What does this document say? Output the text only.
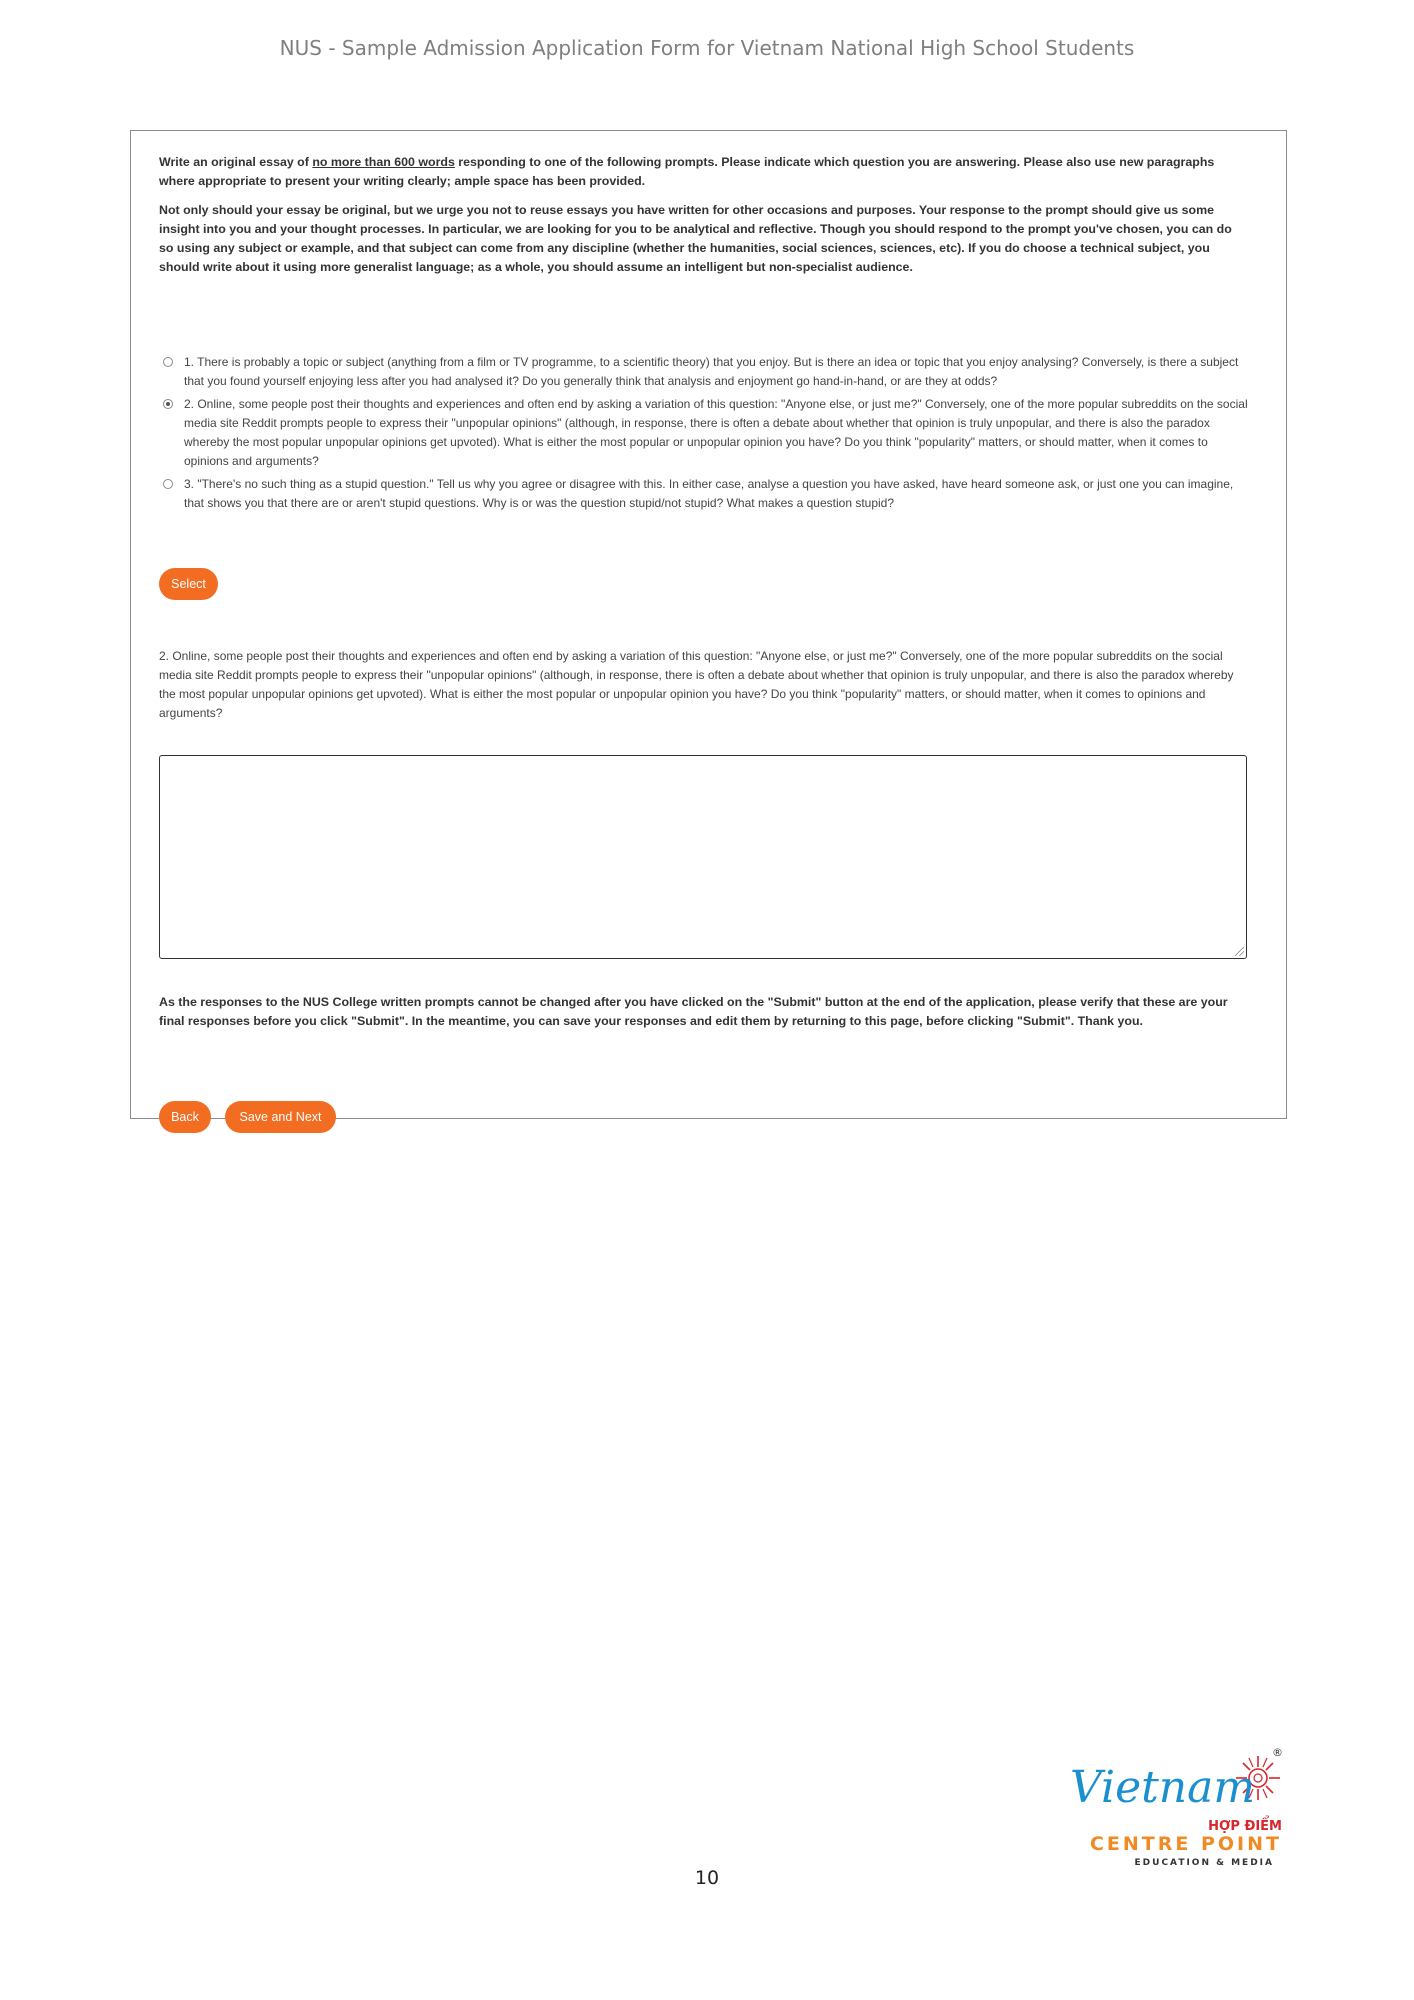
NUS - Sample Admission Application Form for Vietnam National High School Students

Write an original essay of no more than 600 words responding to one of the following prompts. Please indicate which question you are answering. Please also use new paragraphs where appropriate to present your writing clearly; ample space has been provided.

Not only should your essay be original, but we urge you not to reuse essays you have written for other occasions and purposes. Your response to the prompt should give us some insight into you and your thought processes. In particular, we are looking for you to be analytical and reflective. Though you should respond to the prompt you've chosen, you can do so using any subject or example, and that subject can come from any discipline (whether the humanities, social sciences, sciences, etc). If you do choose a technical subject, you should write about it using more generalist language; as a whole, you should assume an intelligent but non-specialist audience.

1. There is probably a topic or subject (anything from a film or TV programme, to a scientific theory) that you enjoy. But is there an idea or topic that you enjoy analysing? Conversely, is there a subject that you found yourself enjoying less after you had analysed it? Do you generally think that analysis and enjoyment go hand-in-hand, or are they at odds?
2. Online, some people post their thoughts and experiences and often end by asking a variation of this question: "Anyone else, or just me?" Conversely, one of the more popular subreddits on the social media site Reddit prompts people to express their "unpopular opinions" (although, in response, there is often a debate about whether that opinion is truly unpopular, and there is also the paradox whereby the most popular unpopular opinions get upvoted). What is either the most popular or unpopular opinion you have? Do you think "popularity" matters, or should matter, when it comes to opinions and arguments?
3. "There's no such thing as a stupid question." Tell us why you agree or disagree with this. In either case, analyse a question you have asked, have heard someone ask, or just one you can imagine, that shows you that there are or aren't stupid questions. Why is or was the question stupid/not stupid? What makes a question stupid?
Select
2. Online, some people post their thoughts and experiences and often end by asking a variation of this question: "Anyone else, or just me?" Conversely, one of the more popular subreddits on the social media site Reddit prompts people to express their "unpopular opinions" (although, in response, there is often a debate about whether that opinion is truly unpopular, and there is also the paradox whereby the most popular unpopular opinions get upvoted). What is either the most popular or unpopular opinion you have? Do you think "popularity" matters, or should matter, when it comes to opinions and arguments?
As the responses to the NUS College written prompts cannot be changed after you have clicked on the "Submit" button at the end of the application, please verify that these are your final responses before you click "Submit". In the meantime, you can save your responses and edit them by returning to this page, before clicking "Submit". Thank you.
Back	Save and Next
10
®
Vietnam
HỢP ĐIỂM
CENTRE POINT
EDUCATION & MEDIA
